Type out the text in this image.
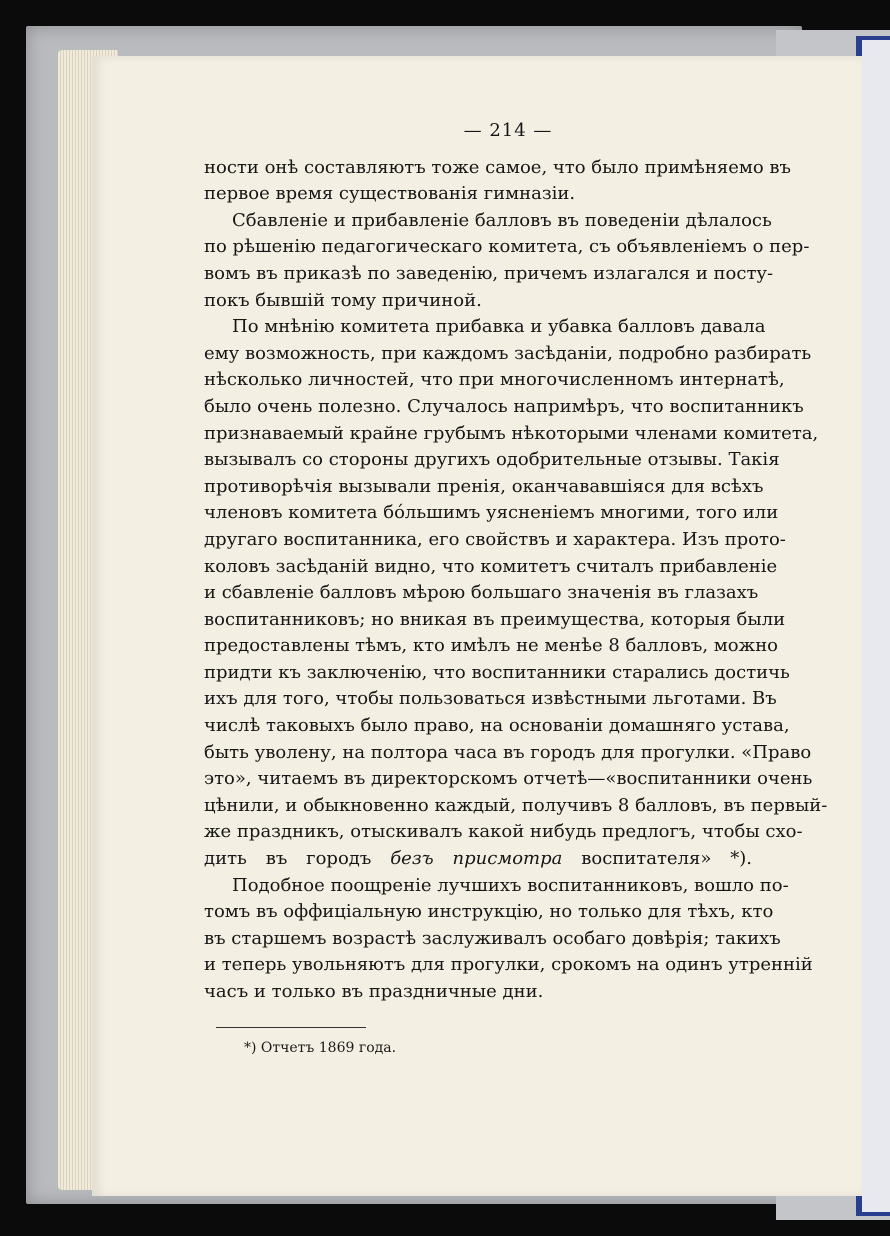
— 214 —
ности онѣ составляютъ тоже самое, что было примѣняемо въ
первое время существованія гимназіи.
Сбавленіе и прибавленіе балловъ въ поведеніи дѣлалось
по рѣшенію педагогическаго комитета, съ объявленіемъ о пер-
вомъ въ приказѣ по заведенію, причемъ излагался и посту-
покъ бывшій тому причиной.
По мнѣнію комитета прибавка и убавка балловъ давала
ему возможность, при каждомъ засѣданіи, подробно разбирать
нѣсколько личностей, что при многочисленномъ интернатѣ,
было очень полезно. Случалось напримѣръ, что воспитанникъ
признаваемый крайне грубымъ нѣкоторыми членами комитета,
вызывалъ со стороны другихъ одобрительные отзывы. Такія
противорѣчія вызывали пренія, оканчававшіяся для всѣхъ
членовъ комитета бо́льшимъ уясненіемъ многими, того или
другаго воспитанника, его свойствъ и характера. Изъ прото-
коловъ засѣданій видно, что комитетъ считалъ прибавленіе
и сбавленіе балловъ мѣрою большаго значенія въ глазахъ
воспитанниковъ; но вникая въ преимущества, которыя были
предоставлены тѣмъ, кто имѣлъ не менѣе 8 балловъ, можно
придти къ заключенію, что воспитанники старались достичь
ихъ для того, чтобы пользоваться извѣстными льготами. Въ
числѣ таковыхъ было право, на основаніи домашняго устава,
быть уволену, на полтора часа въ городъ для прогулки. «Право
это», читаемъ въ директорскомъ отчетѣ—«воспитанники очень
цѣнили, и обыкновенно каждый, получивъ 8 балловъ, въ первый-
же праздникъ, отыскивалъ какой нибудь предлогъ, чтобы схо-
дить въ городъ безъ присмотра воспитателя» *).
Подобное поощреніе лучшихъ воспитанниковъ, вошло по-
томъ въ оффиціальную инструкцію, но только для тѣхъ, кто
въ старшемъ возрастѣ заслуживалъ особаго довѣрія; такихъ
и теперь увольняютъ для прогулки, срокомъ на одинъ утренній
часъ и только въ праздничные дни.
*) Отчетъ 1869 года.
